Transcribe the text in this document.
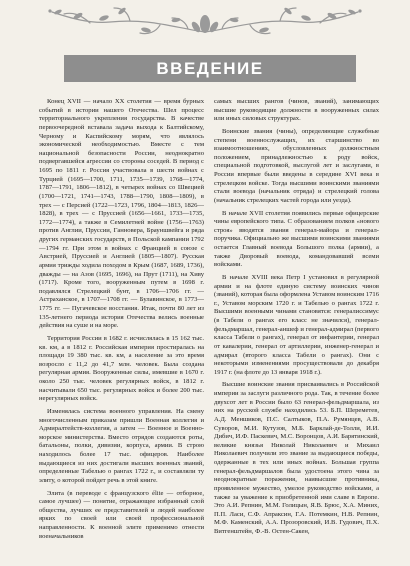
ВВЕДЕНИЕ

Конец XVII — начало XX столетия — время бурных событий в истории нашего Отечества. Шел процесс территориального укрепления государства. В качестве первоочередной вставала задача выхода к Балтийскому, Черному и Каспийскому морям, что являлось экономической необходимостью. Вместе с тем национальной безопасности России, неоднократно подвергавшейся агрессии со стороны соседей. В период с 1695 по 1811 г. Россия участвовала в шести войнах с Турцией (1695—1700, 1711, 1735—1739, 1768—1774, 1787—1791, 1806—1812), в четырех войнах со Швецией (1700—1721, 1741—1743, 1788—1790, 1808—1809), в трех — с Персией (1722—1723, 1796, 1804—1813, 1826—1828), в трех — с Пруссией (1656—1661, 1733—1735, 1772—1774), а также в Семилетней войне (1756—1763) против Англии, Пруссии, Ганновера, Брауншвейга и ряда других германских государств, в Польской кампании 1792—1794 гг. При этом в войнах с Францией в союзе с Австрией, Пруссией и Англией (1805—1807). Русская армия трижды ходила походом в Крым (1687, 1689, 1736), дважды — на Азов (1695, 1696), на Прут (1711), на Хиву (1717). Кроме того, вооруженным путем в 1698 г. подавлялся Стрелецкий бунт, в 1706—1706 гг. — Астраханское, в 1707—1708 гг. — Булавинское, в 1773—1775 гг. — Пугачевское восстания. Итак, почти 80 лет из 135-летнего периода история Отечества велись военные действия на суше и на море.

Территория России в 1682 г. исчислялась в 15 162 тыс. кв. км, а в 1812 г. Российская империя простиралась на площади 19 380 тыс. кв. км, а население за это время возросло с 11,2 до 41,7 млн. человек. Была создана регулярная армия. Вооруженные силы, имевшие в 1670 г. около 250 тыс. человек регулярных войск, в 1812 г. насчитывали 650 тыс. регулярных войск и более 200 тыс. нерегулярных войск.

Изменялась система военного управления. На смену многочисленным приказам пришли Военная коллегия и Адмиралтейств-коллегия, а затем — Военное и Военно-морское министерства. Вместо отрядов создаются роты, батальоны, полки, дивизии, корпуса, армии. В строю находилось более 17 тыс. офицеров. Наиболее выдающиеся из них достигали высших военных званий, определенные Табелью о рангах 1722 г., и составляли ту элиту, о которой пойдет речь в этой книге.

Элита (в переводе с французского élite — отборное, самое лучшее) — понятие, отражающее избранный слой общества, лучших ее представителей и людей наиболее ярких по своей или своей профессиональной направленности. К военной элите применимо отнести военачальников

самых высших рангов (чинов, званий), занимающих высшие руководящие должности в вооруженных силах или иных силовых структурах.

Воинские звания (чины), определяющие служебные степени военнослужащих, их старшинство во взаимоотношениях, обусловленных должностным положением, принадлежностью к роду войск, специальной подготовкой, выслугой лет и заслугами, в России впервые были введены в середине XVI века в стрелецком войске. Тогда высшими воинскими званиями стали воевода (начальник отряда) и стрелецкий голова (начальник стрелецких частей города или уезда).

В начале XVII столетия появились первые офицерские чины европейского типа. С образованием полков «нового строя» вводятся звания генерал-майора и генерал-поручика. Официально же высшими воинскими званиями остается Главный воевода Большого полка (армии), а также Дворовый воевода, командовавший всеми войсками.

В начале XVIII века Петр I установил в регулярной армии и на флоте единую систему воинских чинов (званий), которая была оформлена Уставом воинским 1716 г., Уставом морским 1720 г. и Табелью о рангах 1722 г. Высшими военными чинами становятся: генералиссимус (в Табели о рангах его класс не значился), генерал-фельдмаршал, генерал-аншеф и генерал-адмирал (первого класса Табели о рангах), генерал от инфантерии, генерал от кавалерии, генерал от артиллерии, инженер-генерал и адмирал (второго класса Табели о рангах). Они с некоторыми изменениями просуществовали до декабря 1917 г. (на флоте до 13 января 1918 г.).

Высшие воинские звания присваивались в Российской империи за заслуги различного рода. Так, в течение более двухсот лет в России было 63 генерал-фельдмаршала, из них на русской службе находились 53. Б.П. Шереметев, А.Д. Меншиков, П.С. Салтыков, П.А. Румянцев, А.В. Суворов, М.И. Кутузов, М.Б. Барклай-де-Толли, И.И. Дибич, И.Ф. Паскевич, М.С. Воронцов, А.И. Барятинский, великие князья Николай Николаевич и Михаил Николаевич получили это звание за выдающиеся победы, одержанные в тех или иных войнах. Большая группа генерал-фельдмаршалов была удостоена этого чина за неоднократные поражения, наивысшие противника, проявленное мужество, умелое руководство войсками, а также за уважение к приобретенной ими славе в Европе. Это А.И. Репнин, М.М. Голицын, Я.В. Брюс, Х.А. Миних, П.П. Ласи, С.Ф. Апраксин, Г.А. Потемкин, Н.В. Репнин, М.Ф. Каменский, А.А. Прозоровский, И.В. Гудович, П.Х. Витгенштейн, Ф.-В. Остен-Сакен,
